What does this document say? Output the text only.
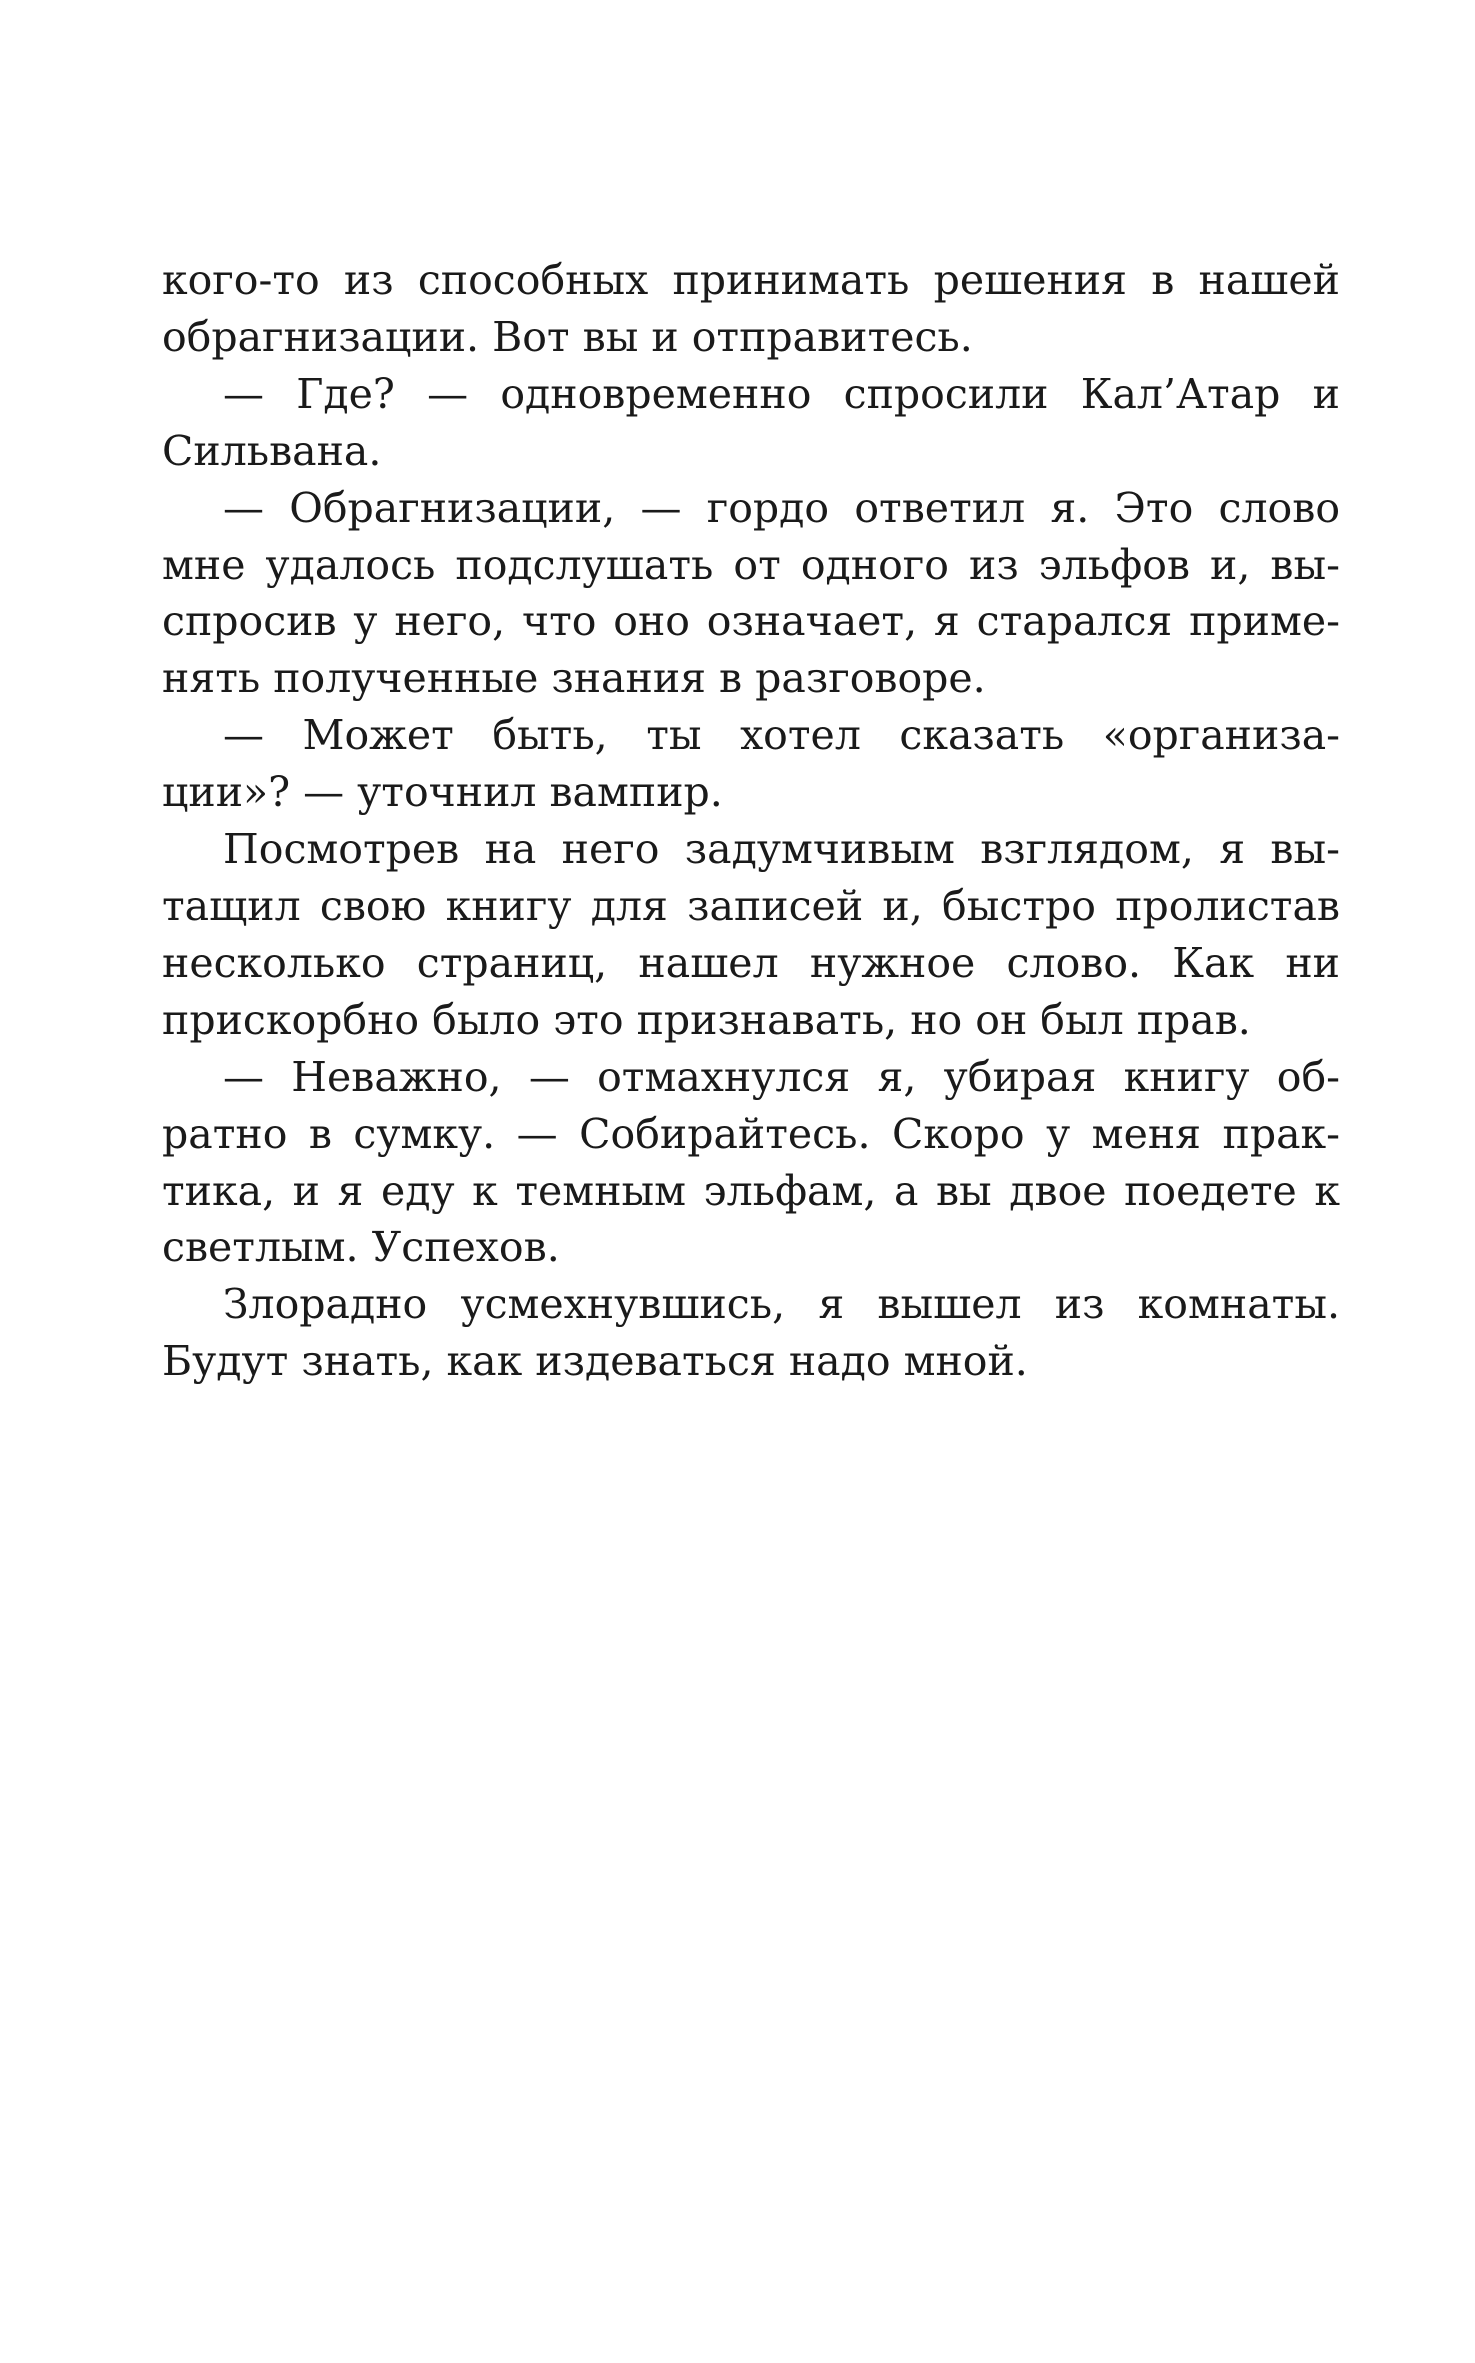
кого-то из способных принимать решения в нашей
обрагнизации. Вот вы и отправитесь.
— Где? — одновременно спросили Кал’Атар и
Сильвана.
— Обрагнизации, — гордо ответил я. Это слово
мне удалось подслушать от одного из эльфов и, вы-
спросив у него, что оно означает, я старался приме-
нять полученные знания в разговоре.
— Может быть, ты хотел сказать «организа-
ции»? — уточнил вампир.
Посмотрев на него задумчивым взглядом, я вы-
тащил свою книгу для записей и, быстро пролистав
несколько страниц, нашел нужное слово. Как ни
прискорбно было это признавать, но он был прав.
— Неважно, — отмахнулся я, убирая книгу об-
ратно в сумку. — Собирайтесь. Скоро у меня прак-
тика, и я еду к темным эльфам, а вы двое поедете к
светлым. Успехов.
Злорадно усмехнувшись, я вышел из комнаты.
Будут знать, как издеваться надо мной.
